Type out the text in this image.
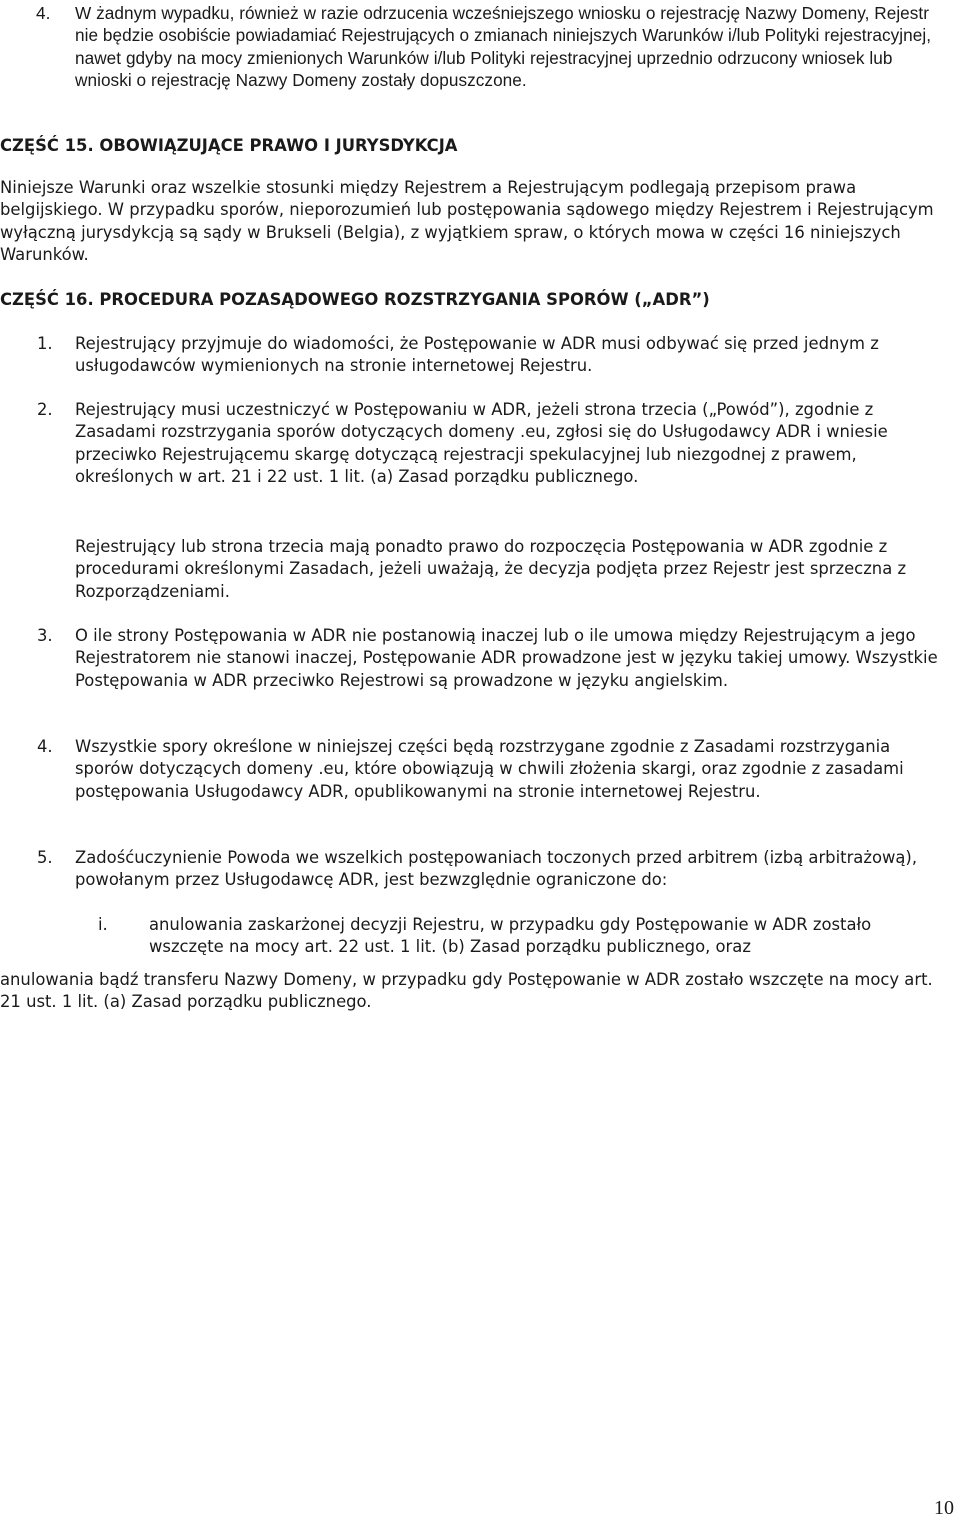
4. W żadnym wypadku, również w razie odrzucenia wcześniejszego wniosku o rejestrację Nazwy Domeny, Rejestr nie będzie osobiście powiadamiać Rejestrujących o zmianach niniejszych Warunków i/lub Polityki rejestracyjnej, nawet gdyby na mocy zmienionych Warunków i/lub Polityki rejestracyjnej uprzednio odrzucony wniosek lub wnioski o rejestrację Nazwy Domeny zostały dopuszczone.
CZĘŚĆ 15. OBOWIĄZUJĄCE PRAWO I JURYSDYKCJA
Niniejsze Warunki oraz wszelkie stosunki między Rejestrem a Rejestrującym podlegają przepisom prawa belgijskiego. W przypadku sporów, nieporozumień lub postępowania sądowego między Rejestrem i Rejestrującym wyłączną jurysdykcją są sądy w Brukseli (Belgia), z wyjątkiem spraw, o których mowa w części 16 niniejszych Warunków.
CZĘŚĆ 16. PROCEDURA POZASĄDOWEGO ROZSTRZYGANIA SPORÓW („ADR”)
1. Rejestrujący przyjmuje do wiadomości, że Postępowanie w ADR musi odbywać się przed jednym z usługodawców wymienionych na stronie internetowej Rejestru.
2. Rejestrujący musi uczestniczyć w Postępowaniu w ADR, jeżeli strona trzecia („Powód”), zgodnie z Zasadami rozstrzygania sporów dotyczących domeny .eu, zgłosi się do Usługodawcy ADR i wniesie przeciwko Rejestrującemu skargę dotyczącą rejestracji spekulacyjnej lub niezgodnej z prawem, określonych w art. 21 i 22 ust. 1 lit. (a) Zasad porządku publicznego.
Rejestrujący lub strona trzecia mają ponadto prawo do rozpoczęcia Postępowania w ADR zgodnie z procedurami określonymi Zasadach, jeżeli uważają, że decyzja podjęta przez Rejestr jest sprzeczna z Rozporządzeniami.
3. O ile strony Postępowania w ADR nie postanowią inaczej lub o ile umowa między Rejestrującym a jego Rejestratorem nie stanowi inaczej, Postępowanie ADR prowadzone jest w języku takiej umowy. Wszystkie Postępowania w ADR przeciwko Rejestrowi są prowadzone w języku angielskim.
4. Wszystkie spory określone w niniejszej części będą rozstrzygane zgodnie z Zasadami rozstrzygania sporów dotyczących domeny .eu, które obowiązują w chwili złożenia skargi, oraz zgodnie z zasadami postępowania Usługodawcy ADR, opublikowanymi na stronie internetowej Rejestru.
5. Zadośćuczynienie Powoda we wszelkich postępowaniach toczonych przed arbitrem (izbą arbitrażową), powołanym przez Usługodawcę ADR, jest bezwzględnie ograniczone do:
i.	anulowania zaskarżonej decyzji Rejestru, w przypadku gdy Postępowanie w ADR zostało wszczęte na mocy art. 22 ust. 1 lit. (b) Zasad porządku publicznego, oraz
anulowania bądź transferu Nazwy Domeny, w przypadku gdy Postępowanie w ADR zostało wszczęte na mocy art. 21 ust. 1 lit. (a) Zasad porządku publicznego.
10
